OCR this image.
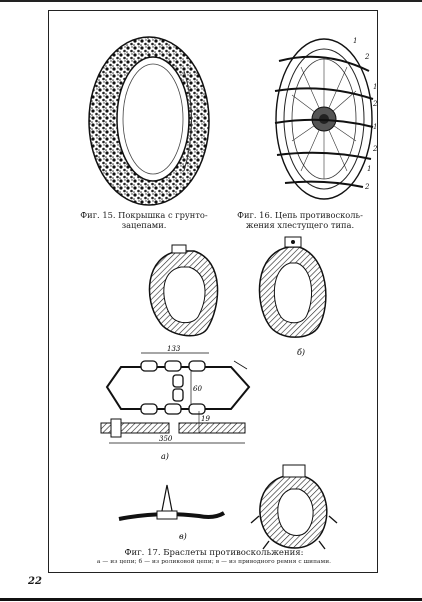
1
2
1
2
1
2
1
2
б)
133
60
19
350
а)
в)
Фиг. 15. Покрышка с грунто-
зацепами.
Фиг. 16. Цепь противосколь-
жения хлестущего типа.
Фиг. 17. Браслеты противоскольжения:
а — из цепи; б — из роликовой цепи; в — из приводного ремня с шипами.
22
